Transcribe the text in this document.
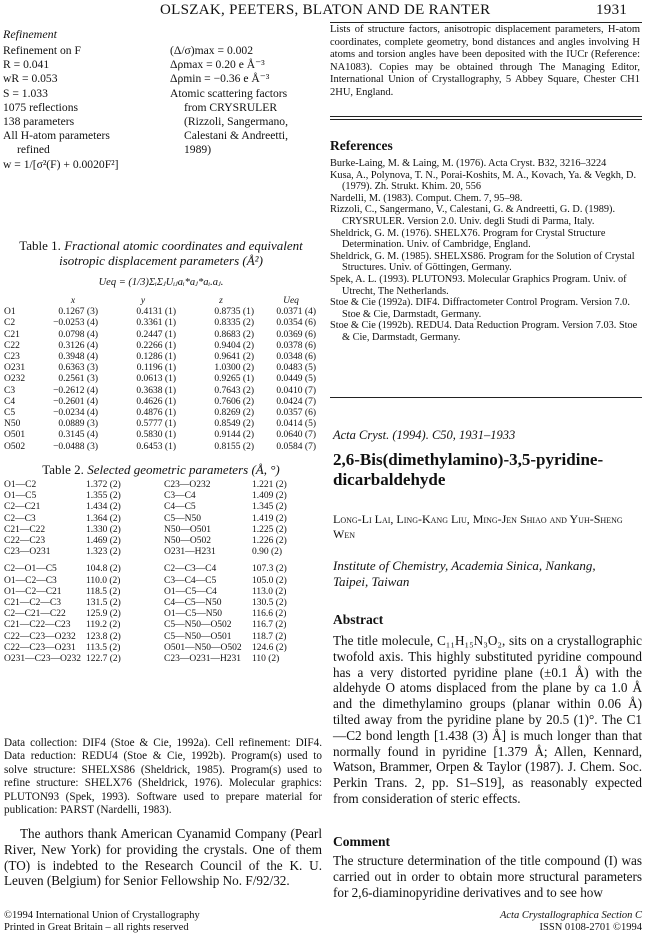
OLSZAK, PEETERS, BLATON AND DE RANTER	1931
Refinement
Refinement on F
R = 0.041
wR = 0.053
S = 1.033
1075 reflections
138 parameters
All H-atom parameters
refined
w = 1/[σ²(F) + 0.0020F²]
(Δ/σ)max = 0.002
Δρmax = 0.20 e Å⁻³
Δρmin = −0.36 e Å⁻³
Atomic scattering factors
from CRYSRULER
(Rizzoli, Sangermano,
Calestani & Andreetti,
1989)
Table 1. Fractional atomic coordinates and equivalent
isotropic displacement parameters (Å²)
Ueq = (1/3)ΣᵢΣⱼUᵢⱼaᵢ*aⱼ*aᵢ.aⱼ.
	x	y	z	Ueq
O1	0.1267 (3)	0.4131 (1)	0.8735 (1)	0.0371 (4)
C2	−0.0253 (4)	0.3361 (1)	0.8335 (2)	0.0354 (6)
C21	0.0798 (4)	0.2447 (1)	0.8683 (2)	0.0369 (6)
C22	0.3126 (4)	0.2266 (1)	0.9404 (2)	0.0378 (6)
C23	0.3948 (4)	0.1286 (1)	0.9641 (2)	0.0348 (6)
O231	0.6363 (3)	0.1196 (1)	1.0300 (2)	0.0483 (5)
O232	0.2561 (3)	0.0613 (1)	0.9265 (1)	0.0449 (5)
C3	−0.2612 (4)	0.3638 (1)	0.7643 (2)	0.0410 (7)
C4	−0.2601 (4)	0.4626 (1)	0.7606 (2)	0.0424 (7)
C5	−0.0234 (4)	0.4876 (1)	0.8269 (2)	0.0357 (6)
N50	0.0889 (3)	0.5777 (1)	0.8549 (2)	0.0414 (5)
O501	0.3145 (4)	0.5830 (1)	0.9144 (2)	0.0640 (7)
O502	−0.0488 (3)	0.6453 (1)	0.8155 (2)	0.0584 (7)
Table 2. Selected geometric parameters (Å, °)
O1—C2	1.372 (2)	C23—O232	1.221 (2)
O1—C5	1.355 (2)	C3—C4	1.409 (2)
C2—C21	1.434 (2)	C4—C5	1.345 (2)
C2—C3	1.364 (2)	C5—N50	1.419 (2)
C21—C22	1.330 (2)	N50—O501	1.225 (2)
C22—C23	1.469 (2)	N50—O502	1.226 (2)
C23—O231	1.323 (2)	O231—H231	0.90 (2)
C2—O1—C5	104.8 (2)	C2—C3—C4	107.3 (2)
O1—C2—C3	110.0 (2)	C3—C4—C5	105.0 (2)
O1—C2—C21	118.5 (2)	O1—C5—C4	113.0 (2)
C21—C2—C3	131.5 (2)	C4—C5—N50	130.5 (2)
C2—C21—C22	125.9 (2)	O1—C5—N50	116.6 (2)
C21—C22—C23	119.2 (2)	C5—N50—O502	116.7 (2)
C22—C23—O232	123.8 (2)	C5—N50—O501	118.7 (2)
C22—C23—O231	113.5 (2)	O501—N50—O502	124.6 (2)
O231—C23—O232	122.7 (2)	C23—O231—H231	110 (2)
Data collection: DIF4 (Stoe & Cie, 1992a). Cell refinement: DIF4. Data reduction: REDU4 (Stoe & Cie, 1992b). Program(s) used to solve structure: SHELXS86 (Sheldrick, 1985). Program(s) used to refine structure: SHELX76 (Sheldrick, 1976). Molecular graphics: PLUTON93 (Spek, 1993). Software used to prepare material for publication: PARST (Nardelli, 1983).
The authors thank American Cyanamid Company (Pearl River, New York) for providing the crystals. One of them (TO) is indebted to the Research Council of the K. U. Leuven (Belgium) for Senior Fellowship No. F/92/32.
©1994 International Union of Crystallography
Printed in Great Britain – all rights reserved
Lists of structure factors, anisotropic displacement parameters, H-atom coordinates, complete geometry, bond distances and angles involving H atoms and torsion angles have been deposited with the IUCr (Reference: NA1083). Copies may be obtained through The Managing Editor, International Union of Crystallography, 5 Abbey Square, Chester CH1 2HU, England.
References
Burke-Laing, M. & Laing, M. (1976). Acta Cryst. B32, 3216–3224
Kusa, A., Polynova, T. N., Porai-Koshits, M. A., Kovach, Ya. & Vegkh, D. (1979). Zh. Strukt. Khim. 20, 556
Nardelli, M. (1983). Comput. Chem. 7, 95–98.
Rizzoli, C., Sangermano, V., Calestani, G. & Andreetti, G. D. (1989). CRYSRULER. Version 2.0. Univ. degli Studi di Parma, Italy.
Sheldrick, G. M. (1976). SHELX76. Program for Crystal Structure Determination. Univ. of Cambridge, England.
Sheldrick, G. M. (1985). SHELXS86. Program for the Solution of Crystal Structures. Univ. of Göttingen, Germany.
Spek, A. L. (1993). PLUTON93. Molecular Graphics Program. Univ. of Utrecht, The Netherlands.
Stoe & Cie (1992a). DIF4. Diffractometer Control Program. Version 7.0. Stoe & Cie, Darmstadt, Germany.
Stoe & Cie (1992b). REDU4. Data Reduction Program. Version 7.03. Stoe & Cie, Darmstadt, Germany.
Acta Cryst. (1994). C50, 1931–1933
2,6-Bis(dimethylamino)-3,5-pyridine-dicarbaldehyde
Long-Li Lai, Ling-Kang Liu, Ming-Jen Shiao and Yuh-Sheng Wen
Institute of Chemistry, Academia Sinica, Nankang, Taipei, Taiwan
Abstract
The title molecule, C₁₁H₁₅N₃O₂, sits on a crystallographic twofold axis. This highly substituted pyridine compound has a very distorted pyridine plane (±0.1 Å) with the aldehyde O atoms displaced from the plane by ca 1.0 Å and the dimethylamino groups (planar within 0.06 Å) tilted away from the pyridine plane by 20.5 (1)°. The C1—C2 bond length [1.438 (3) Å] is much longer than that normally found in pyridine [1.379 Å; Allen, Kennard, Watson, Brammer, Orpen & Taylor (1987). J. Chem. Soc. Perkin Trans. 2, pp. S1–S19], as reasonably expected from consideration of steric effects.
Comment
The structure determination of the title compound (I) was carried out in order to obtain more structural parameters for 2,6-diaminopyridine derivatives and to see how
Acta Crystallographica Section C
ISSN 0108-2701 ©1994
